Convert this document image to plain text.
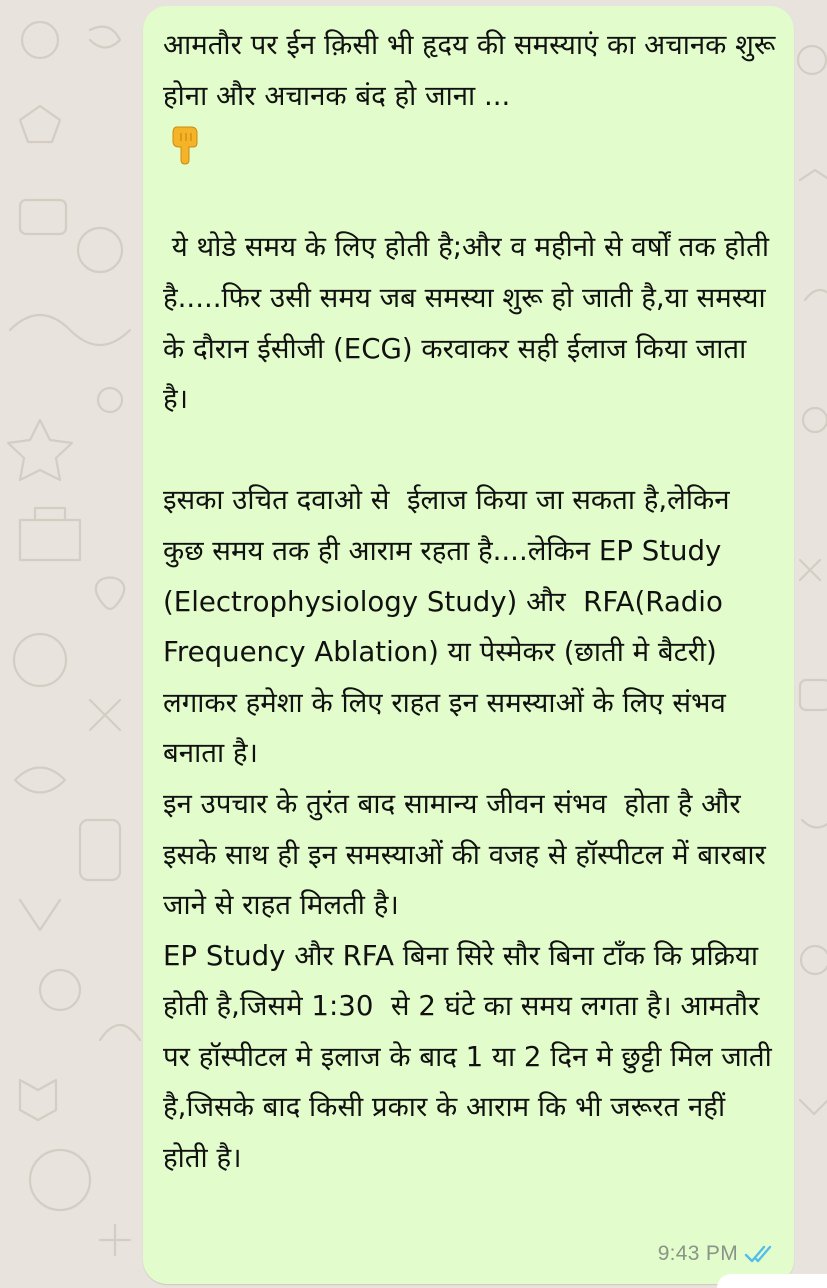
आमतौर पर ईन क़िसी भी हृदय की समस्याएं का अचानक शुरू होना और अचानक बंद हो जाना ...

ये थोडे समय के लिए होती है;और व महीनो से वर्षों तक होती है.....फिर उसी समय जब समस्या शुरू हो जाती है,या समस्या के दौरान ईसीजी (ECG) करवाकर सही ईलाज किया जाता है।

इसका उचित दवाओ से  ईलाज किया जा सकता है,लेकिन कुछ समय तक ही आराम रहता है....लेकिन EP Study (Electrophysiology Study) और  RFA(Radio Frequency Ablation) या पेस्मेकर (छाती मे बैटरी) लगाकर हमेशा के लिए राहत इन समस्याओं के लिए संभव बनाता है।
इन उपचार के तुरंत बाद सामान्य जीवन संभव  होता है और इसके साथ ही इन समस्याओं की वजह से हॉस्पीटल में बारबार जाने से राहत मिलती है।
EP Study और RFA बिना सिरे सौर बिना टाँक कि प्रक्रिया होती है,जिसमे 1:30  से 2 घंटे का समय लगता है। आमतौर पर हॉस्पीटल मे इलाज के बाद 1 या 2 दिन मे छुट्टी मिल जाती है,जिसके बाद किसी प्रकार के आराम कि भी जरूरत नहीं होती है।

9:43 PM
